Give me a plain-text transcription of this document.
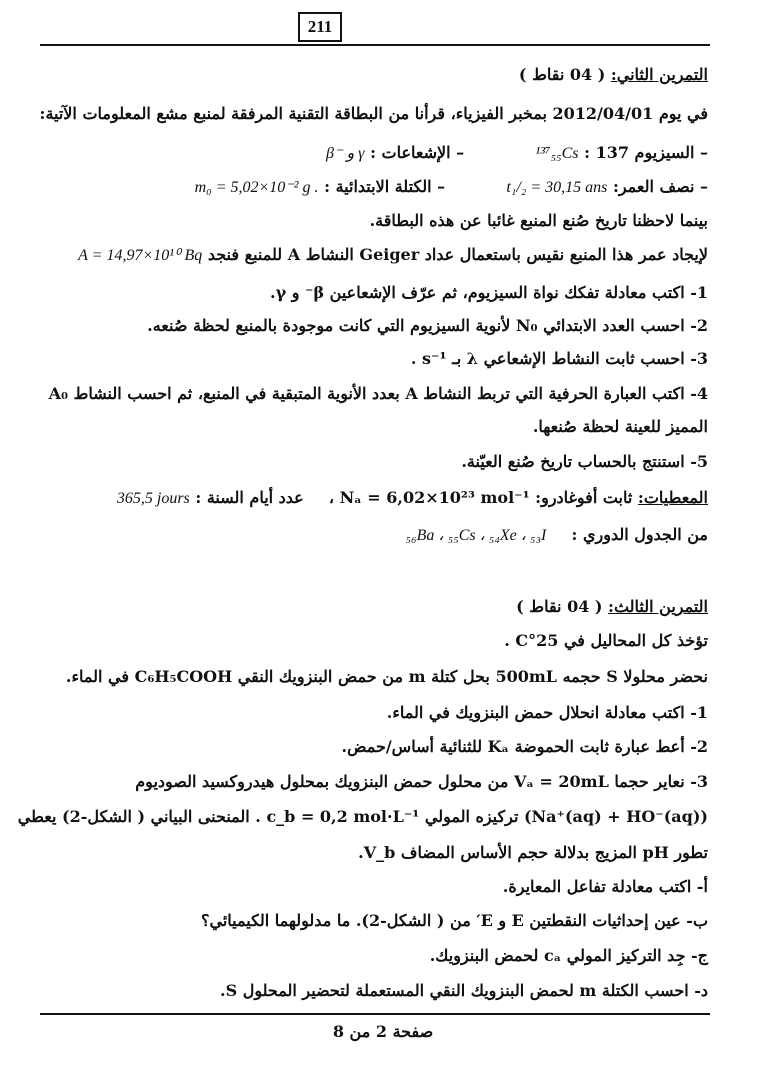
211
التمرين الثاني: ( 04 نقاط )
في يوم 2012/04/01 بمخبر الفيزياء، قرأنا من البطاقة التقنية المرفقة لمنبع مشع المعلومات الآتية:
– السيزيوم 137 : ¹³⁷₅₅Cs  – الإشعاعات : β⁻ و γ
– نصف العمر: t₁/₂ = 30,15 ans  – الكتلة الابتدائية : m₀ = 5,02×10⁻² g .
بينما لاحظنا تاريخ صُنع المنبع غائبا عن هذه البطاقة.
لإيجاد عمر هذا المنبع نقيس باستعمال عداد Geiger النشاط A للمنبع فنجد A = 14,97×10¹⁰ Bq
1- اكتب معادلة تفكك نواة السيزيوم، ثم عرّف الإشعاعين β⁻ و γ.
2- احسب العدد الابتدائي N₀ لأنوية السيزيوم التي كانت موجودة بالمنبع لحظة صُنعه.
3- احسب ثابت النشاط الإشعاعي λ بـ s⁻¹ .
4- اكتب العبارة الحرفية التي تربط النشاط A بعدد الأنوية المتبقية في المنبع، ثم احسب النشاط A₀
المميز للعينة لحظة صُنعها.
5- استنتج بالحساب تاريخ صُنع العيّنة.
المعطيات: ثابت أفوغادرو: Nₐ = 6,02×10²³ mol⁻¹ ،  عدد أيام السنة : 365,5 jours
من الجدول الدوري :  ₅₆Ba ، ₅₅Cs ، ₅₄Xe ، ₅₃I
التمرين الثالث: ( 04 نقاط )
تؤخذ كل المحاليل في 25°C .
نحضر محلولا S حجمه 500mL بحل كتلة m من حمض البنزويك النقي C₆H₅COOH في الماء.
1- اكتب معادلة انحلال حمض البنزويك في الماء.
2- أعط عبارة ثابت الحموضة Kₐ للثنائية أساس/حمض.
3- نعاير حجما Vₐ = 20mL من محلول حمض البنزويك بمحلول هيدروكسيد الصوديوم
(Na⁺(aq) + HO⁻(aq)) تركيزه المولي c_b = 0,2 mol·L⁻¹ . المنحنى البياني ( الشكل-2) يعطي
تطور pH المزيج بدلالة حجم الأساس المضاف V_b.
أ- اكتب معادلة تفاعل المعايرة.
ب- عين إحداثيات النقطتين E و E′ من ( الشكل-2). ما مدلولهما الكيميائي؟
ج- جِد التركيز المولي cₐ لحمض البنزويك.
د- احسب الكتلة m لحمض البنزويك النقي المستعملة لتحضير المحلول S.
صفحة 2 من 8
